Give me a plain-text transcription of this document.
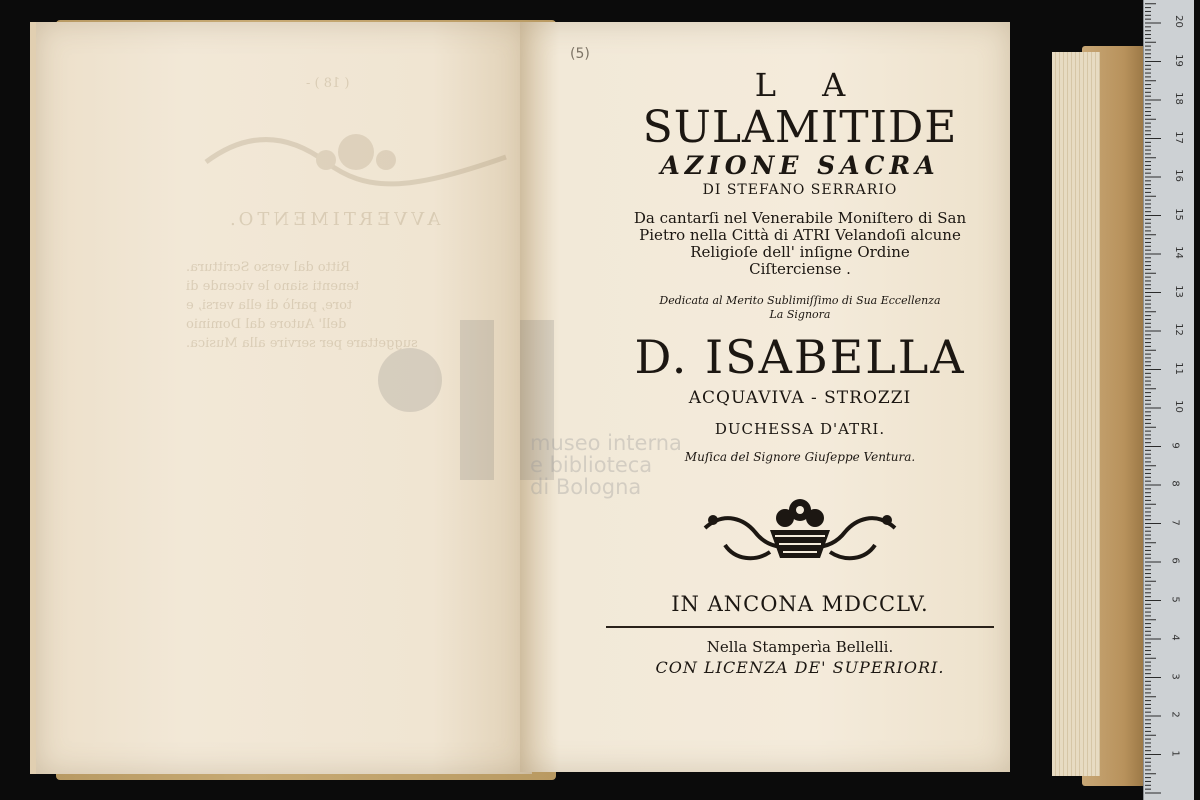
( 18 ) -
AVVERTIMENTO.
Ritto dal verso Scrittura.
tenenti siano le vicende di
tore, parlò di ella versi, e
dell' Autore dal Dominio
suggettare per servire alla Musica.
museo interna
e biblioteca
di Bologna
(5)
L A
SULAMITIDE
AZIONE SACRA
DI STEFANO SERRARIO
Da cantarſi nel Venerabile Moniſtero di San
Pietro nella Città di ATRI Velandoſi alcune
Religioſe dell' inſigne Ordine
Ciſterciense .
Dedicata al Merito Sublimiſſimo di Sua Eccellenza
La Signora
D. ISABELLA
ACQUAVIVA - STROZZI
DUCHESSA D'ATRI.
Muſica del Signore Giuſeppe Ventura.
IN ANCONA MDCCLV.
Nella Stamperìa Bellelli.
CON LICENZA DE' SUPERIORI.
1
2
3
4
5
6
7
8
9
10
11
12
13
14
15
16
17
18
19
20
